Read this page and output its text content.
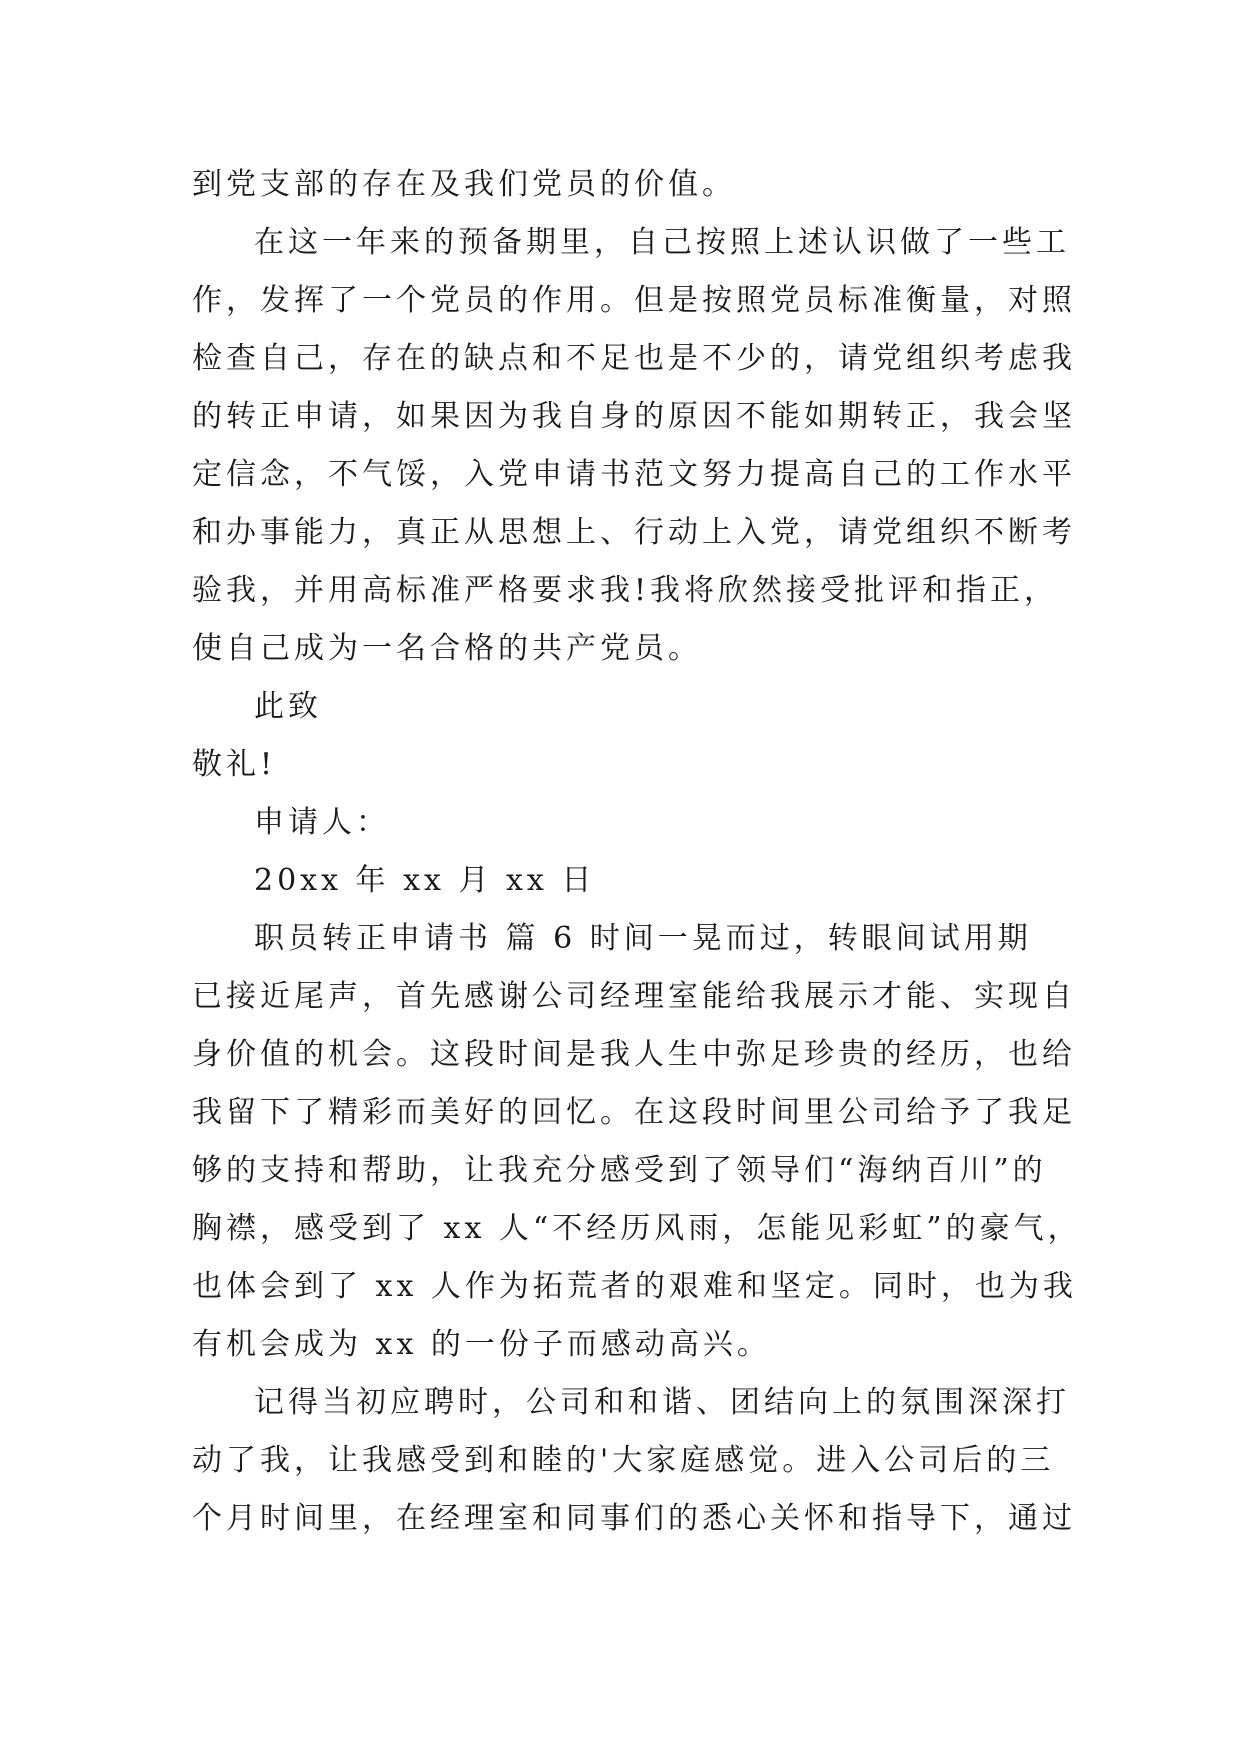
到党支部的存在及我们党员的价值。
在这一年来的预备期里，自己按照上述认识做了一些工
作，发挥了一个党员的作用。但是按照党员标准衡量，对照
检查自己，存在的缺点和不足也是不少的，请党组织考虑我
的转正申请，如果因为我自身的原因不能如期转正，我会坚
定信念，不气馁，入党申请书范文努力提高自己的工作水平
和办事能力，真正从思想上、行动上入党，请党组织不断考
验我，并用高标准严格要求我!我将欣然接受批评和指正，
使自己成为一名合格的共产党员。
此致
敬礼!
申请人：
20xx 年 xx 月 xx 日
职员转正申请书 篇 6 时间一晃而过，转眼间试用期
已接近尾声，首先感谢公司经理室能给我展示才能、实现自
身价值的机会。这段时间是我人生中弥足珍贵的经历，也给
我留下了精彩而美好的回忆。在这段时间里公司给予了我足
够的支持和帮助，让我充分感受到了领导们“海纳百川”的
胸襟，感受到了 xx 人“不经历风雨，怎能见彩虹”的豪气，
也体会到了 xx 人作为拓荒者的艰难和坚定。同时，也为我
有机会成为 xx 的一份子而感动高兴。
记得当初应聘时，公司和和谐、团结向上的氛围深深打
动了我，让我感受到和睦的'大家庭感觉。进入公司后的三
个月时间里，在经理室和同事们的悉心关怀和指导下，通过
